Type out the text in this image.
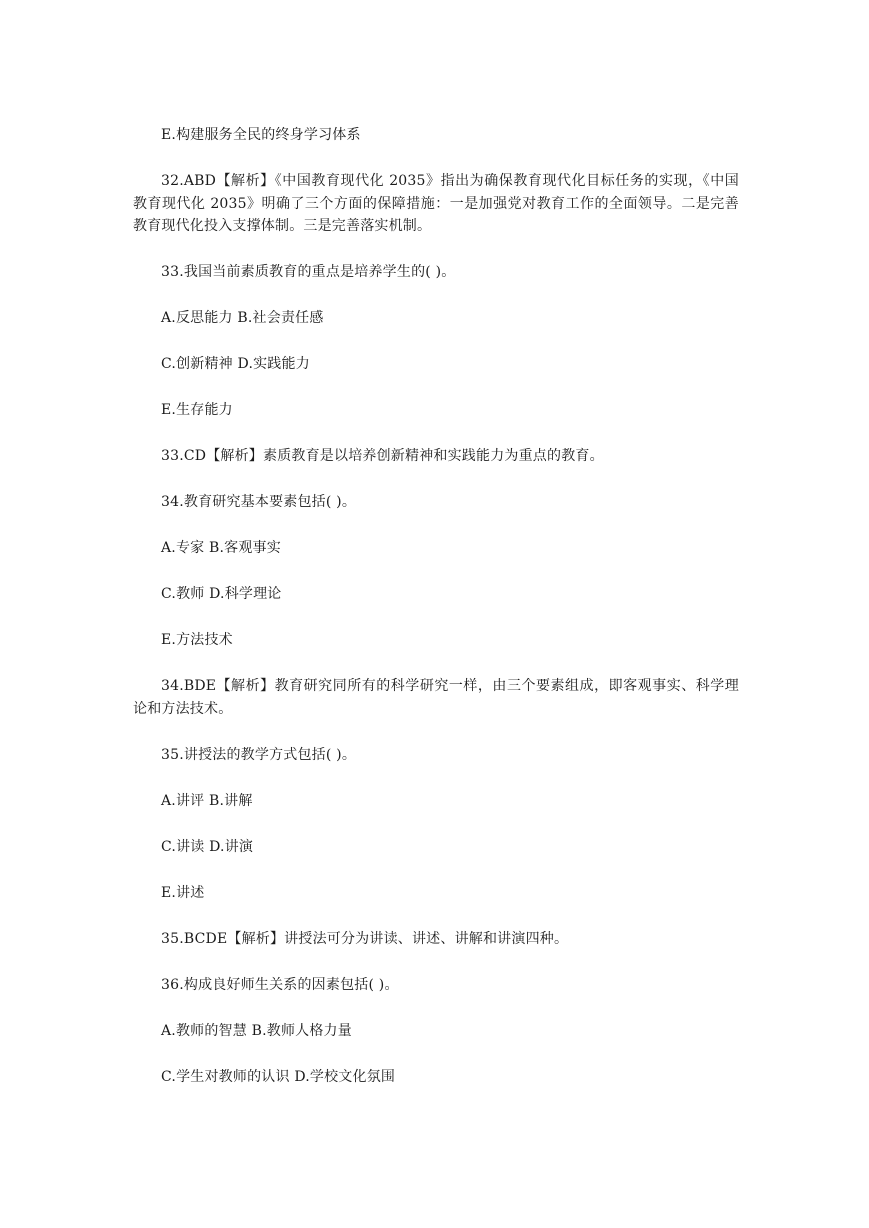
E.构建服务全民的终身学习体系

32.ABD【解析】《中国教育现代化 2035》指出为确保教育现代化目标任务的实现，《中国教育现代化 2035》明确了三个方面的保障措施：一是加强党对教育工作的全面领导。二是完善教育现代化投入支撑体制。三是完善落实机制。

33.我国当前素质教育的重点是培养学生的( )。

A.反思能力 B.社会责任感

C.创新精神 D.实践能力

E.生存能力

33.CD【解析】素质教育是以培养创新精神和实践能力为重点的教育。

34.教育研究基本要素包括( )。

A.专家 B.客观事实

C.教师 D.科学理论

E.方法技术

34.BDE【解析】教育研究同所有的科学研究一样，由三个要素组成，即客观事实、科学理论和方法技术。

35.讲授法的教学方式包括( )。

A.讲评 B.讲解

C.讲读 D.讲演

E.讲述

35.BCDE【解析】讲授法可分为讲读、讲述、讲解和讲演四种。

36.构成良好师生关系的因素包括( )。

A.教师的智慧 B.教师人格力量

C.学生对教师的认识 D.学校文化氛围
